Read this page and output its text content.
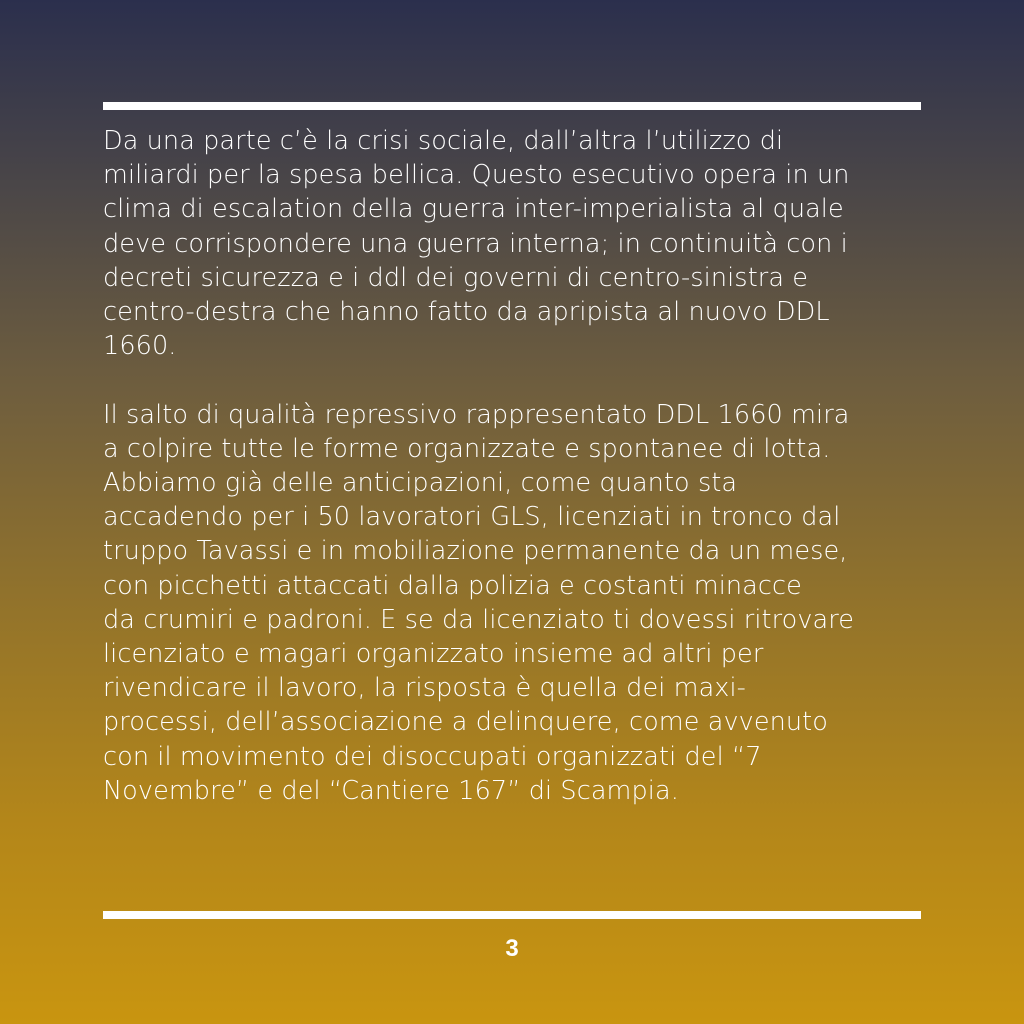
Da una parte c’è la crisi sociale, dall’altra l’utilizzo di
miliardi per la spesa bellica. Questo esecutivo opera in un
clima di escalation della guerra inter-imperialista al quale
deve corrispondere una guerra interna; in continuità con i
decreti sicurezza e i ddl dei governi di centro-sinistra e
centro-destra che hanno fatto da apripista al nuovo DDL
1660.

Il salto di qualità repressivo rappresentato DDL 1660 mira
a colpire tutte le forme organizzate e spontanee di lotta.
Abbiamo già delle anticipazioni, come quanto sta
accadendo per i 50 lavoratori GLS, licenziati in tronco dal
truppo Tavassi e in mobiliazione permanente da un mese,
con picchetti attaccati dalla polizia e costanti minacce
da crumiri e padroni. E se da licenziato ti dovessi ritrovare
licenziato e magari organizzato insieme ad altri per
rivendicare il lavoro, la risposta è quella dei maxi-
processi, dell’associazione a delinquere, come avvenuto
con il movimento dei disoccupati organizzati del “7
Novembre” e del “Cantiere 167” di Scampia.

3
